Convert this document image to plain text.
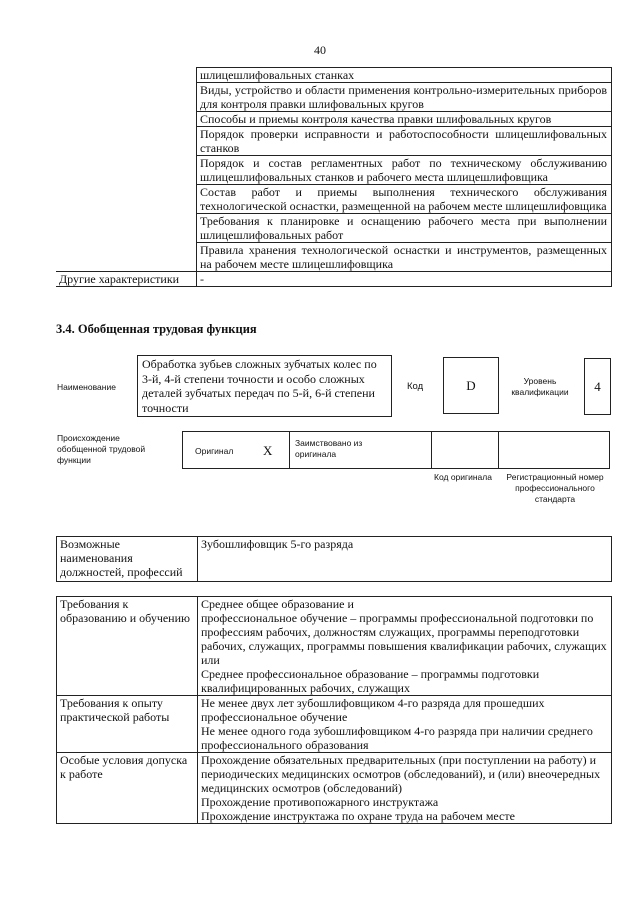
40
	шлицешлифовальных станках
	Виды, устройство и области применения контрольно-измерительных приборов для контроля правки шлифовальных кругов
	Способы и приемы контроля качества правки шлифовальных кругов
	Порядок проверки исправности и работоспособности шлицешлифовальных станков
	Порядок и состав регламентных работ по техническому обслуживанию шлицешлифовальных станков и рабочего места шлицешлифовщика
	Состав работ и приемы выполнения технического обслуживания технологической оснастки, размещенной на рабочем месте шлицешлифовщика
	Требования к планировке и оснащению рабочего места при выполнении шлицешлифовальных работ
	Правила хранения технологической оснастки и инструментов, размещенных на рабочем месте шлицешлифовщика
Другие характеристики	-
3.4. Обобщенная трудовая функция
Наименование
Обработка зубьев сложных зубчатых колес по 3-й, 4-й степени точности и особо сложных деталей зубчатых передач по 5-й, 6-й степени точности
Код	D	Уровень квалификации	4
Происхождение обобщенной трудовой функции
Оригинал X	Заимствовано из оригинала
Код оригинала Регистрационный номер профессионального стандарта
Возможные наименования должностей, профессий	Зубошлифовщик 5-го разряда
Требования к образованию и обучению	Среднее общее образование и
профессиональное обучение – программы профессиональной подготовки по профессиям рабочих, должностям служащих, программы переподготовки рабочих, служащих, программы повышения квалификации рабочих, служащих
или
Среднее профессиональное образование – программы подготовки квалифицированных рабочих, служащих

Требования к опыту практической работы	Не менее двух лет зубошлифовщиком 4-го разряда для прошедших профессиональное обучение
Не менее одного года зубошлифовщиком 4-го разряда при наличии среднего профессионального образования

Особые условия допуска к работе	Прохождение обязательных предварительных (при поступлении на работу) и периодических медицинских осмотров (обследований), и (или) внеочередных медицинских осмотров (обследований)
Прохождение противопожарного инструктажа
Прохождение инструктажа по охране труда на рабочем месте
